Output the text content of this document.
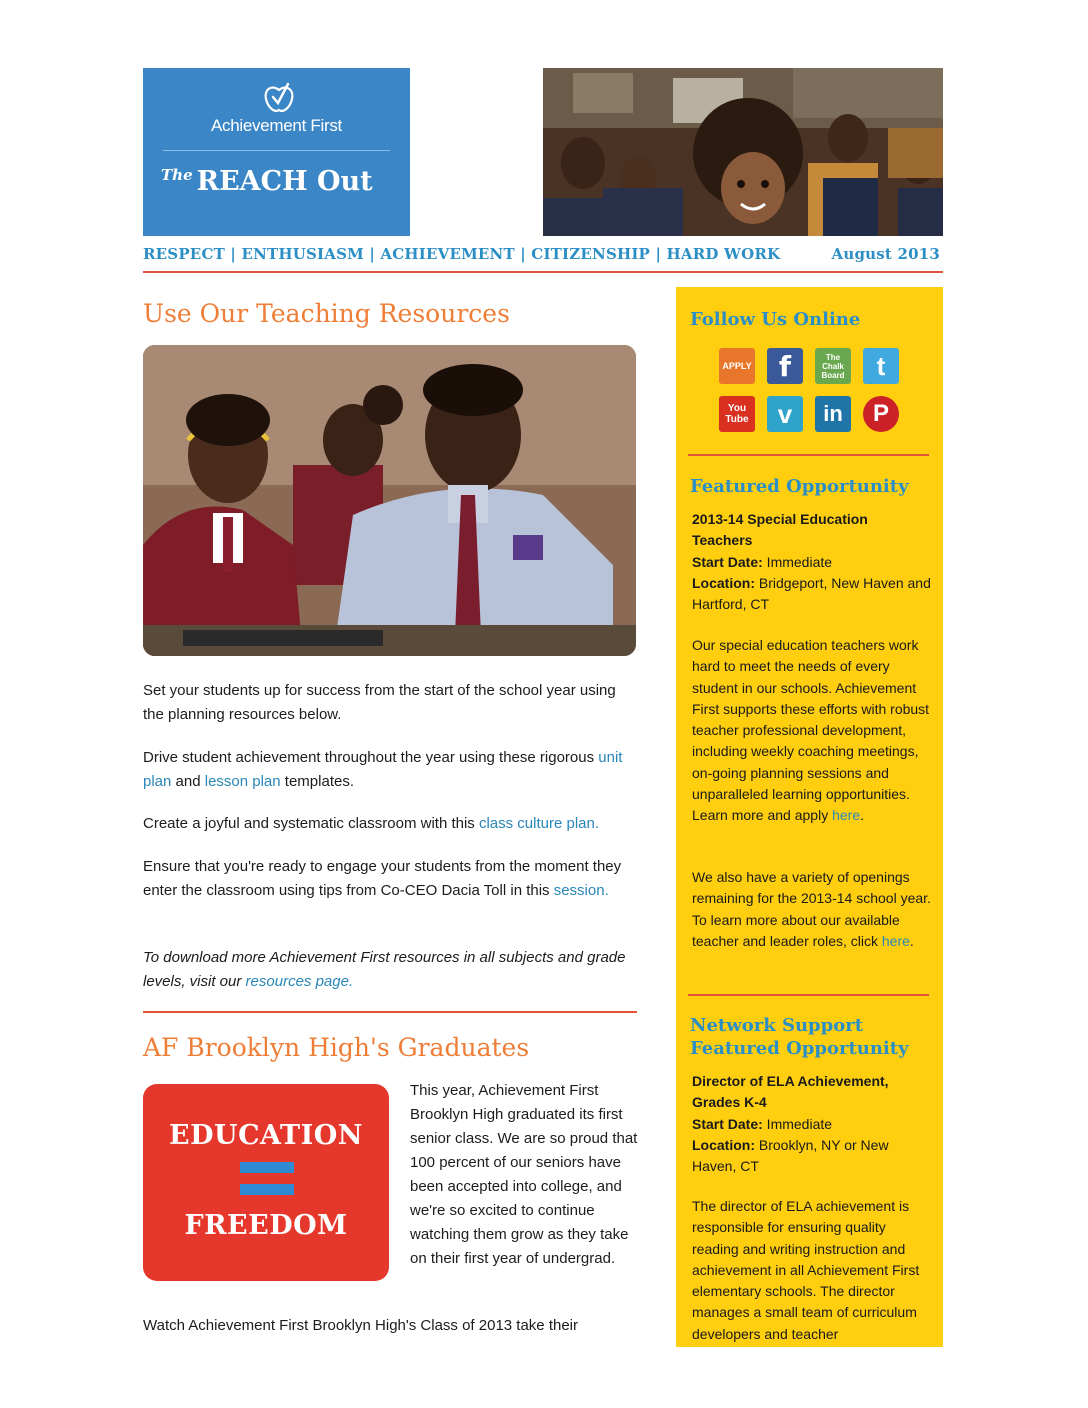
Achievement First
The REACH Out
RESPECT | ENTHUSIASM | ACHIEVEMENT | CITIZENSHIP | HARD WORK	August 2013
Use Our Teaching Resources

Set your students up for success from the start of the school year using the planning resources below.

Drive student achievement throughout the year using these rigorous unit plan and lesson plan templates.

Create a joyful and systematic classroom with this class culture plan.

Ensure that you're ready to engage your students from the moment they enter the classroom using tips from Co-CEO Dacia Toll in this session.

To download more Achievement First resources in all subjects and grade levels, visit our resources page.

AF Brooklyn High's Graduates
EDUCATION
FREEDOM

This year, Achievement First Brooklyn High graduated its first senior class. We are so proud that 100 percent of our seniors have been accepted into college, and we're so excited to continue watching them grow as they take on their first year of undergrad.

Watch Achievement First Brooklyn High's Class of 2013 take their

Follow Us Online
APPLY f	The Chalk Board t
You Tube v in P
Featured Opportunity

2013-14 Special Education Teachers
Start Date: Immediate
Location: Bridgeport, New Haven and Hartford, CT

Our special education teachers work hard to meet the needs of every student in our schools. Achievement First supports these efforts with robust teacher professional development, including weekly coaching meetings, on-going planning sessions and unparalleled learning opportunities. Learn more and apply here.

We also have a variety of openings remaining for the 2013-14 school year. To learn more about our available teacher and leader roles, click here.

Network Support
Featured Opportunity

Director of ELA Achievement, Grades K-4
Start Date: Immediate
Location: Brooklyn, NY or New Haven, CT

The director of ELA achievement is responsible for ensuring quality reading and writing instruction and achievement in all Achievement First elementary schools. The director manages a small team of curriculum developers and teacher
